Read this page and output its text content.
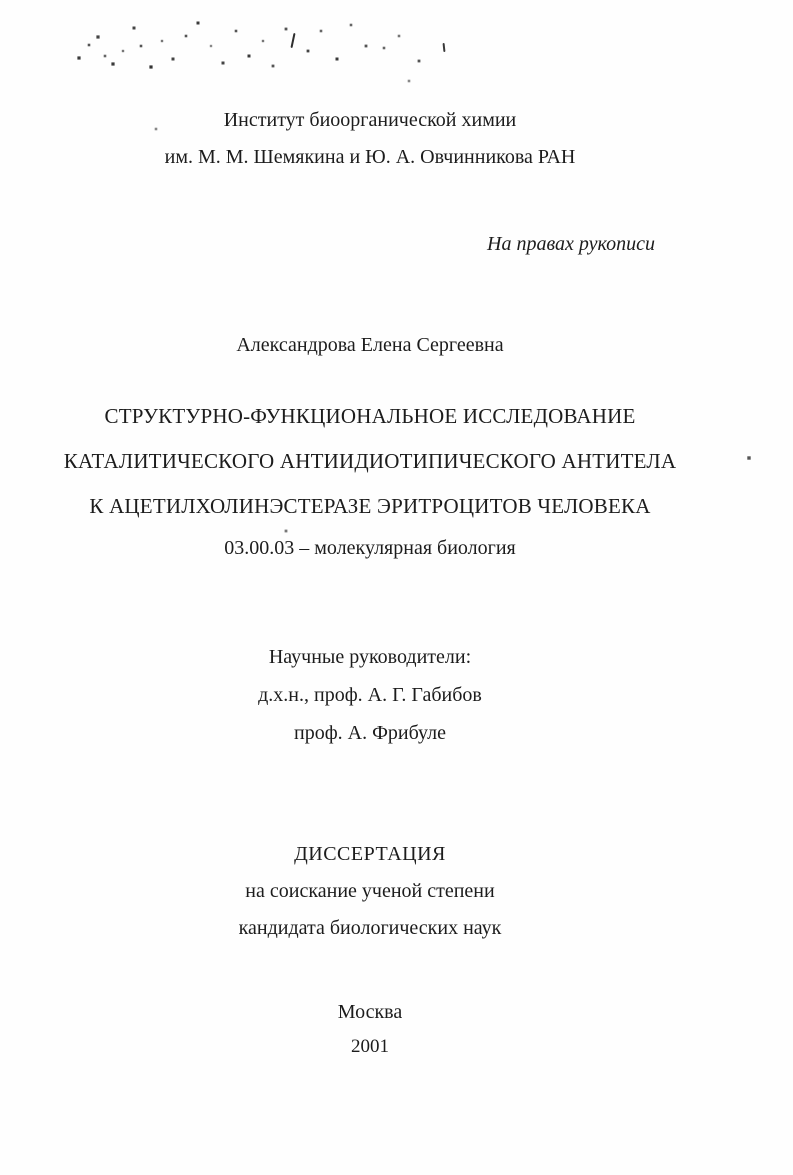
Институт биоорганической химии
им. М. М. Шемякина и Ю. А. Овчинникова РАН
На правах рукописи
Александрова Елена Сергеевна
СТРУКТУРНО-ФУНКЦИОНАЛЬНОЕ ИССЛЕДОВАНИЕ
КАТАЛИТИЧЕСКОГО АНТИИДИОТИПИЧЕСКОГО АНТИТЕЛА
К АЦЕТИЛХОЛИНЭСТЕРАЗЕ ЭРИТРОЦИТОВ ЧЕЛОВЕКА
03.00.03 – молекулярная биология
Научные руководители:
д.х.н., проф. А. Г. Габибов
проф. А. Фрибуле
ДИССЕРТАЦИЯ
на соискание ученой степени
кандидата биологических наук
Москва
2001
